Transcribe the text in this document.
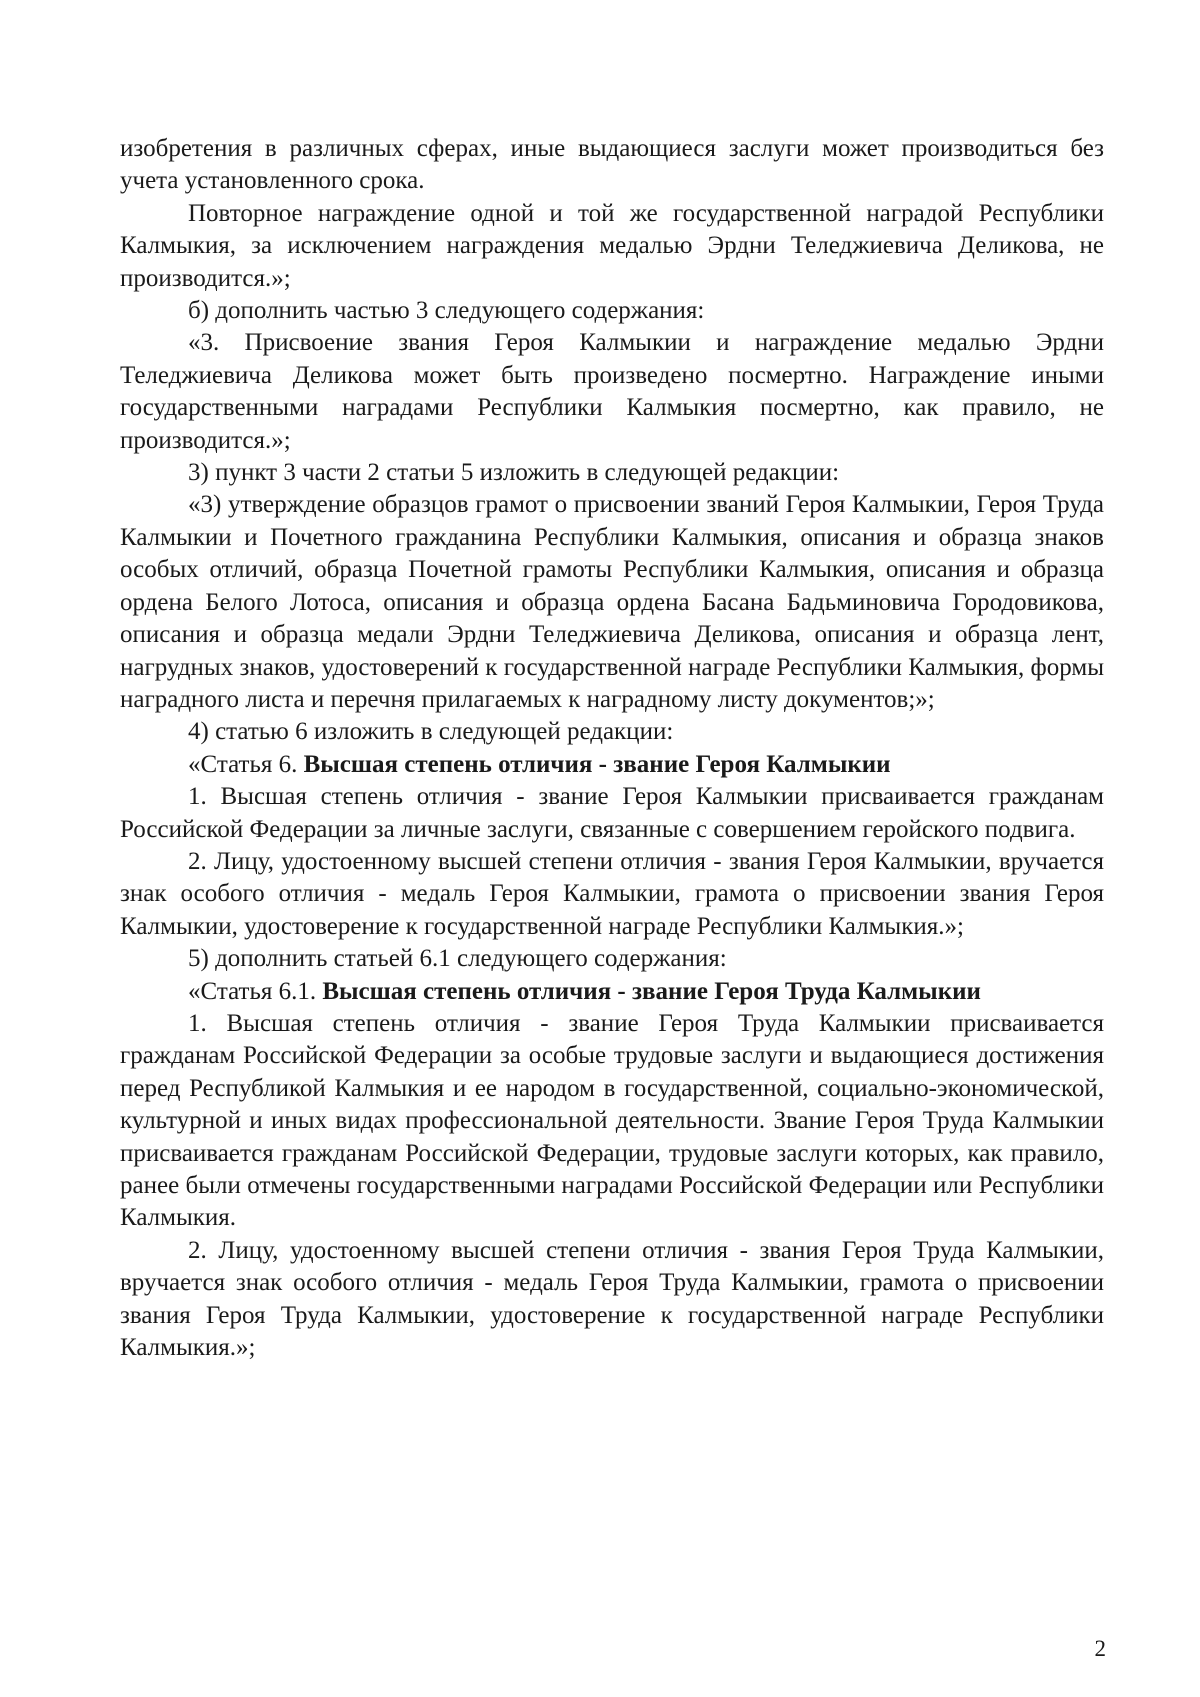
изобретения в различных сферах, иные выдающиеся заслуги может производиться без учета установленного срока.

Повторное награждение одной и той же государственной наградой Республики Калмыкия, за исключением награждения медалью Эрдни Теледжиевича Деликова, не производится.»;

б) дополнить частью 3 следующего содержания:

«3. Присвоение звания Героя Калмыкии и награждение медалью Эрдни Теледжиевича Деликова может быть произведено посмертно. Награждение иными государственными наградами Республики Калмыкия посмертно, как правило, не производится.»;

3) пункт 3 части 2 статьи 5 изложить в следующей редакции:

«3) утверждение образцов грамот о присвоении званий Героя Калмыкии, Героя Труда Калмыкии и Почетного гражданина Республики Калмыкия, описания и образца знаков особых отличий, образца Почетной грамоты Республики Калмыкия, описания и образца ордена Белого Лотоса, описания и образца ордена Басана Бадьминовича Городовикова, описания и образца медали Эрдни Теледжиевича Деликова, описания и образца лент, нагрудных знаков, удостоверений к государственной награде Республики Калмыкия, формы наградного листа и перечня прилагаемых к наградному листу документов;»;

4) статью 6 изложить в следующей редакции:

«Статья 6. Высшая степень отличия - звание Героя Калмыкии

1. Высшая степень отличия - звание Героя Калмыкии присваивается гражданам Российской Федерации за личные заслуги, связанные с совершением геройского подвига.

2. Лицу, удостоенному высшей степени отличия - звания Героя Калмыкии, вручается знак особого отличия - медаль Героя Калмыкии, грамота о присвоении звания Героя Калмыкии, удостоверение к государственной награде Республики Калмыкия.»;

5) дополнить статьей 6.1 следующего содержания:

«Статья 6.1. Высшая степень отличия - звание Героя Труда Калмыкии

1. Высшая степень отличия - звание Героя Труда Калмыкии присваивается гражданам Российской Федерации за особые трудовые заслуги и выдающиеся достижения перед Республикой Калмыкия и ее народом в государственной, социально-экономической, культурной и иных видах профессиональной деятельности. Звание Героя Труда Калмыкии присваивается гражданам Российской Федерации, трудовые заслуги которых, как правило, ранее были отмечены государственными наградами Российской Федерации или Республики Калмыкия.

2. Лицу, удостоенному высшей степени отличия - звания Героя Труда Калмыкии, вручается знак особого отличия - медаль Героя Труда Калмыкии, грамота о присвоении звания Героя Труда Калмыкии, удостоверение к государственной награде Республики Калмыкия.»;

2
